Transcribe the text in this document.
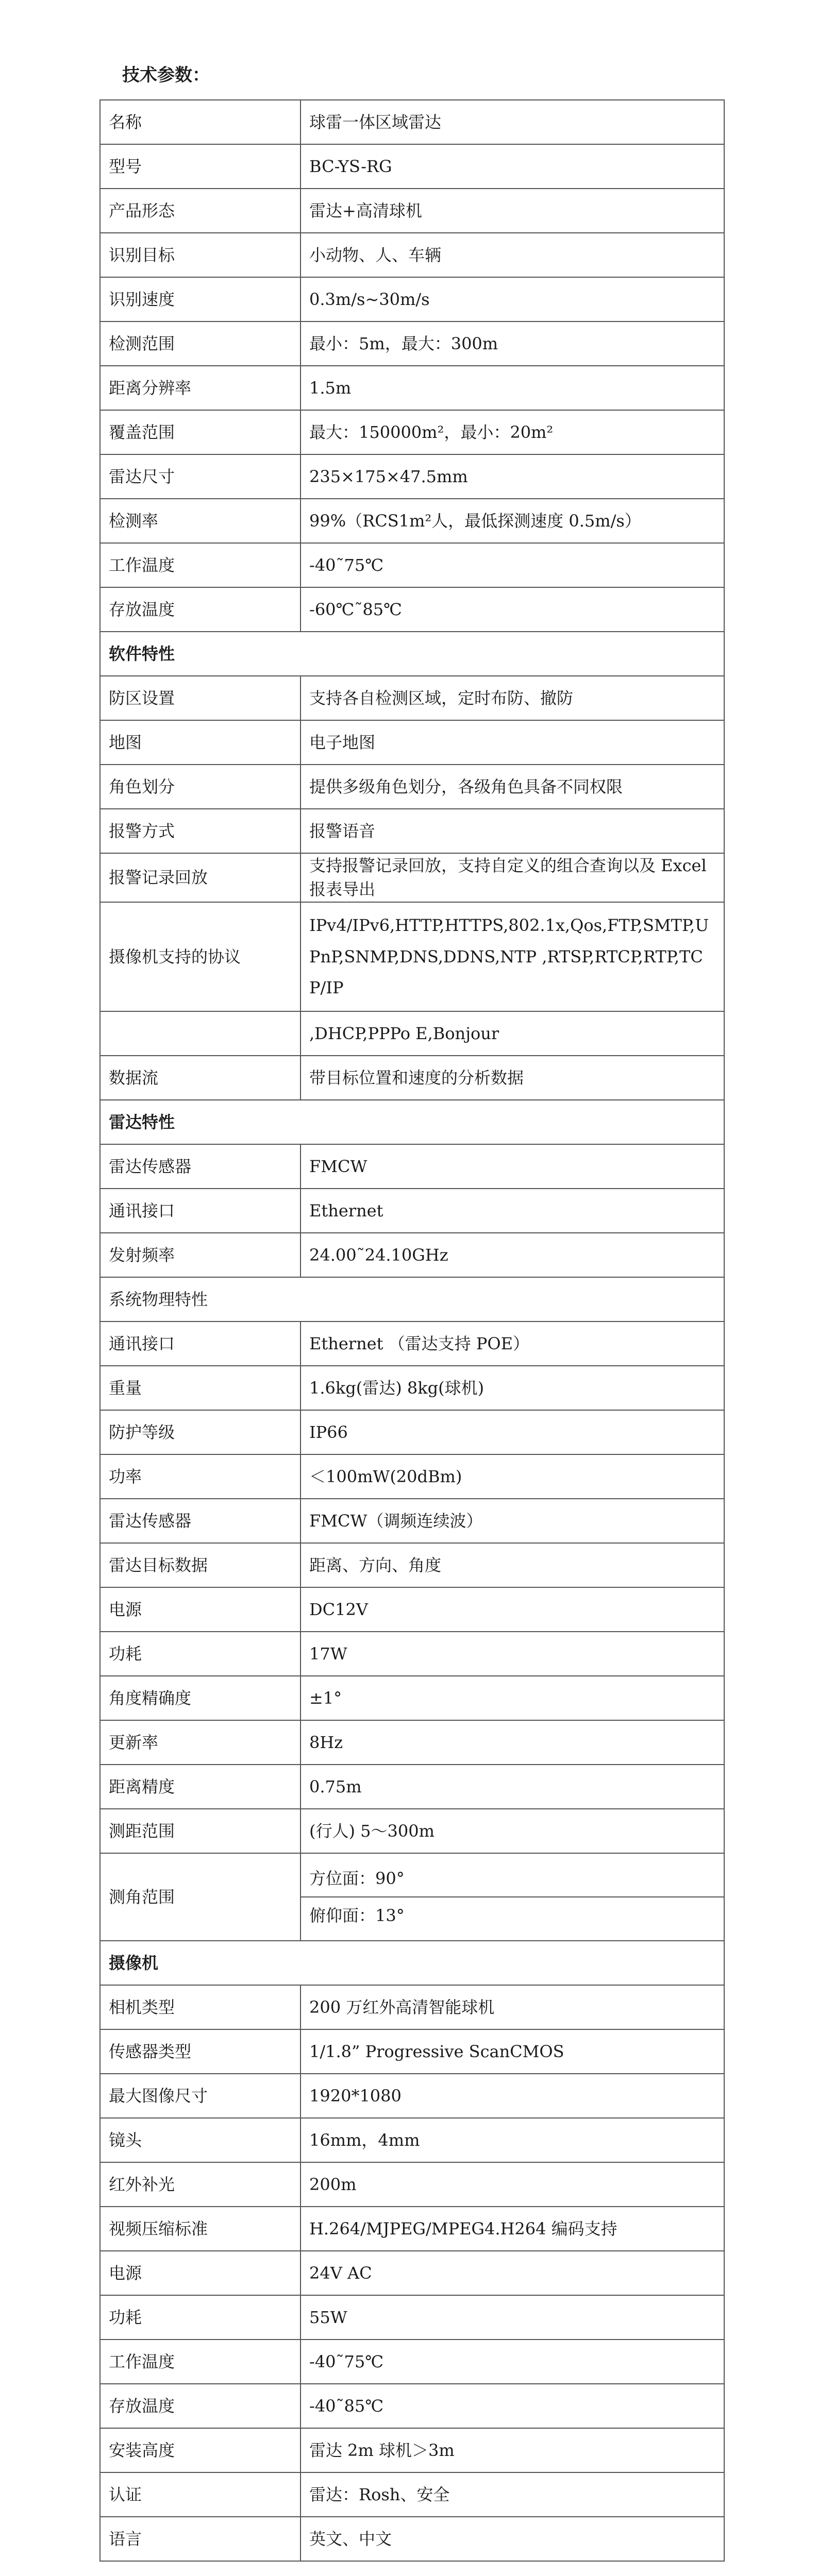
技术参数：
名称	球雷一体区域雷达
型号	BC-YS-RG
产品形态	雷达+高清球机
识别目标	小动物、人、车辆
识别速度	0.3m/s~30m/s
检测范围	最小：5m，最大：300m
距离分辨率	1.5m
覆盖范围	最大：150000m²，最小：20m²
雷达尺寸	235×175×47.5mm
检测率	99%（RCS1m²人，最低探测速度 0.5m/s）
工作温度	-40˜75℃
存放温度	-60℃˜85℃
软件特性	
防区设置	支持各自检测区域，定时布防、撤防
地图	电子地图
角色划分	提供多级角色划分，各级角色具备不同权限
报警方式	报警语音
报警记录回放	支持报警记录回放，支持自定义的组合查询以及 Excel 报表导出
摄像机支持的协议	IPv4/IPv6,HTTP,HTTPS,802.1x,Qos,FTP,SMTP,UPnP,SNMP,DNS,DDNS,NTP ,RTSP,RTCP,RTP,TCP/IP
	,DHCP,PPPo E,Bonjour
数据流	带目标位置和速度的分析数据
雷达特性	
雷达传感器	FMCW
通讯接口	Ethernet
发射频率	24.00˜24.10GHz
系统物理特性	
通讯接口	Ethernet （雷达支持 POE）
重量	1.6kg(雷达) 8kg(球机)
防护等级	IP66
功率	＜100mW(20dBm)
雷达传感器	FMCW（调频连续波）
雷达目标数据	距离、方向、角度
电源	DC12V
功耗	17W
角度精确度	±1°
更新率	8Hz
距离精度	0.75m
测距范围	(行人) 5～300m
测角范围	方位面：90°
俯仰面：13°

摄像机	
相机类型	200 万红外高清智能球机
传感器类型	1/1.8” Progressive ScanCMOS
最大图像尺寸	1920*1080
镜头	16mm，4mm
红外补光	200m
视频压缩标准	H.264/MJPEG/MPEG4.H264 编码支持
电源	24V AC
功耗	55W
工作温度	-40˜75℃
存放温度	-40˜85℃
安装高度	雷达 2m 球机＞3m
认证	雷达：Rosh、安全
语言	英文、中文
